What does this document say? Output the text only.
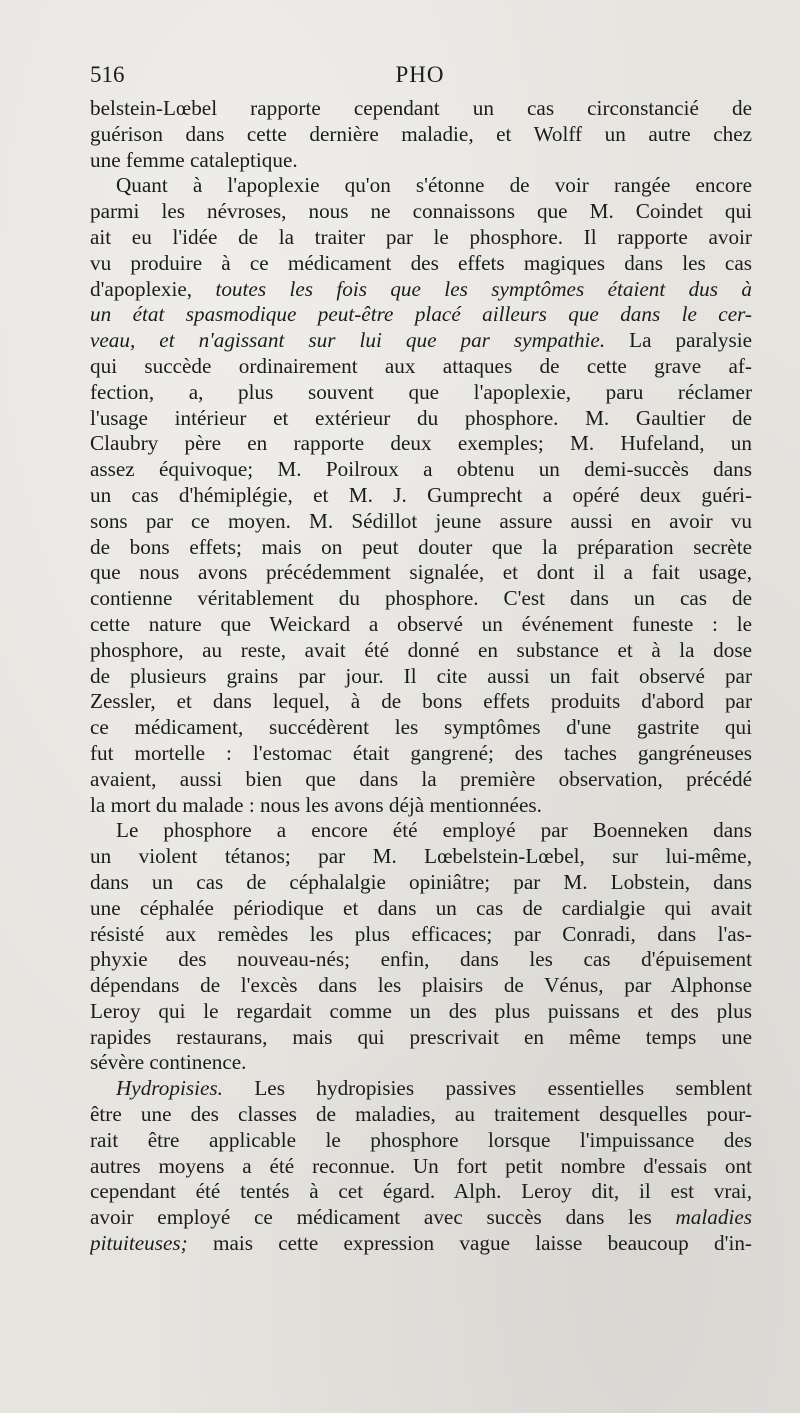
516	PHO
belstein-Lœbel rapporte cependant un cas circonstancié de
guérison dans cette dernière maladie, et Wolff un autre chez
une femme cataleptique.
Quant à l'apoplexie qu'on s'étonne de voir rangée encore
parmi les névroses, nous ne connaissons que M. Coindet qui
ait eu l'idée de la traiter par le phosphore. Il rapporte avoir
vu produire à ce médicament des effets magiques dans les cas
d'apoplexie, toutes les fois que les symptômes étaient dus à
un état spasmodique peut-être placé ailleurs que dans le cer-
veau, et n'agissant sur lui que par sympathie. La paralysie
qui succède ordinairement aux attaques de cette grave af-
fection, a, plus souvent que l'apoplexie, paru réclamer
l'usage intérieur et extérieur du phosphore. M. Gaultier de
Claubry père en rapporte deux exemples; M. Hufeland, un
assez équivoque; M. Poilroux a obtenu un demi-succès dans
un cas d'hémiplégie, et M. J. Gumprecht a opéré deux guéri-
sons par ce moyen. M. Sédillot jeune assure aussi en avoir vu
de bons effets; mais on peut douter que la préparation secrète
que nous avons précédemment signalée, et dont il a fait usage,
contienne véritablement du phosphore. C'est dans un cas de
cette nature que Weickard a observé un événement funeste : le
phosphore, au reste, avait été donné en substance et à la dose
de plusieurs grains par jour. Il cite aussi un fait observé par
Zessler, et dans lequel, à de bons effets produits d'abord par
ce médicament, succédèrent les symptômes d'une gastrite qui
fut mortelle : l'estomac était gangrené; des taches gangréneuses
avaient, aussi bien que dans la première observation, précédé
la mort du malade : nous les avons déjà mentionnées.
Le phosphore a encore été employé par Boenneken dans
un violent tétanos; par M. Lœbelstein-Lœbel, sur lui-même,
dans un cas de céphalalgie opiniâtre; par M. Lobstein, dans
une céphalée périodique et dans un cas de cardialgie qui avait
résisté aux remèdes les plus efficaces; par Conradi, dans l'as-
phyxie des nouveau-nés; enfin, dans les cas d'épuisement
dépendans de l'excès dans les plaisirs de Vénus, par Alphonse
Leroy qui le regardait comme un des plus puissans et des plus
rapides restaurans, mais qui prescrivait en même temps une
sévère continence.
Hydropisies. Les hydropisies passives essentielles semblent
être une des classes de maladies, au traitement desquelles pour-
rait être applicable le phosphore lorsque l'impuissance des
autres moyens a été reconnue. Un fort petit nombre d'essais ont
cependant été tentés à cet égard. Alph. Leroy dit, il est vrai,
avoir employé ce médicament avec succès dans les maladies
pituiteuses; mais cette expression vague laisse beaucoup d'in-
